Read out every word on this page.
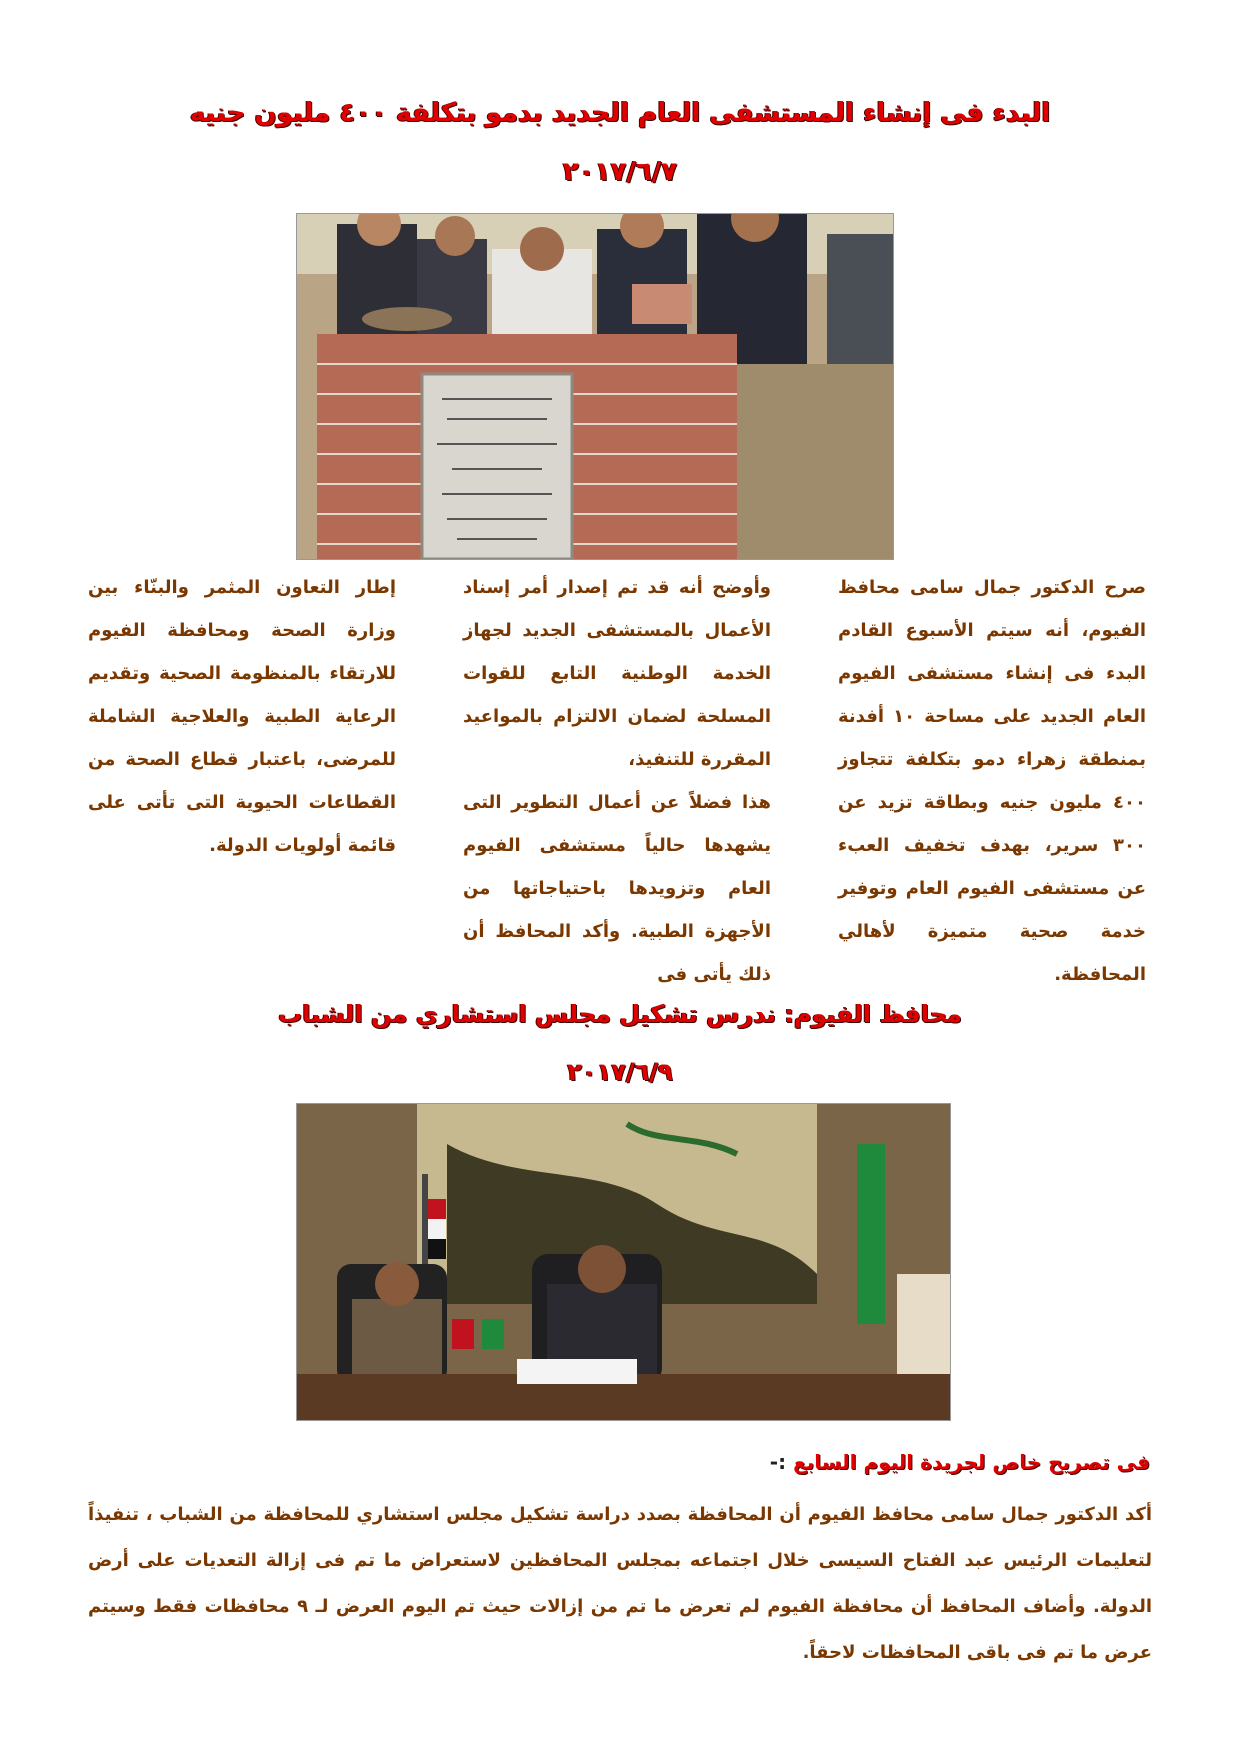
البدء فى إنشاء المستشفى العام الجديد بدمو بتكلفة ٤٠٠ مليون جنيه
٢٠١٧/٦/٧

صرح الدكتور جمال سامى محافظ الفيوم، أنه سيتم الأسبوع القادم البدء فى إنشاء مستشفى الفيوم العام الجديد على مساحة ١٠ أفدنة بمنطقة زهراء دمو بتكلفة تتجاوز ٤٠٠ مليون جنيه وبطاقة تزيد عن ٣٠٠ سرير، بهدف تخفيف العبء عن مستشفى الفيوم العام وتوفير خدمة صحية متميزة لأهالي المحافظة.

وأوضح أنه قد تم إصدار أمر إسناد الأعمال بالمستشفى الجديد لجهاز الخدمة الوطنية التابع للقوات المسلحة لضمان الالتزام بالمواعيد المقررة للتنفيذ،

هذا فضلاً عن أعمال التطوير التى يشهدها حالياً مستشفى الفيوم العام وتزويدها باحتياجاتها من الأجهزة الطبية. وأكد المحافظ أن ذلك يأتى فى

إطار التعاون المثمر والبنّاء بين وزارة الصحة ومحافظة الفيوم للارتقاء بالمنظومة الصحية وتقديم الرعاية الطبية والعلاجية الشاملة للمرضى، باعتبار قطاع الصحة من القطاعات الحيوية التى تأتى على قائمة أولويات الدولة.

محافظ الفيوم: ندرس تشكيل مجلس استشاري من الشباب
٢٠١٧/٦/٩
فى تصريح خاص لجريدة اليوم السابع :-

أكد الدكتور جمال سامى محافظ الفيوم أن المحافظة بصدد دراسة تشكيل مجلس استشاري للمحافظة من الشباب ، تنفيذاً لتعليمات الرئيس عبد الفتاح السيسى خلال اجتماعه بمجلس المحافظين لاستعراض ما تم فى إزالة التعديات على أرض الدولة. وأضاف المحافظ أن محافظة الفيوم لم تعرض ما تم من إزالات حيث تم اليوم العرض لـ ٩ محافظات فقط وسيتم عرض ما تم فى باقى المحافظات لاحقاً.
